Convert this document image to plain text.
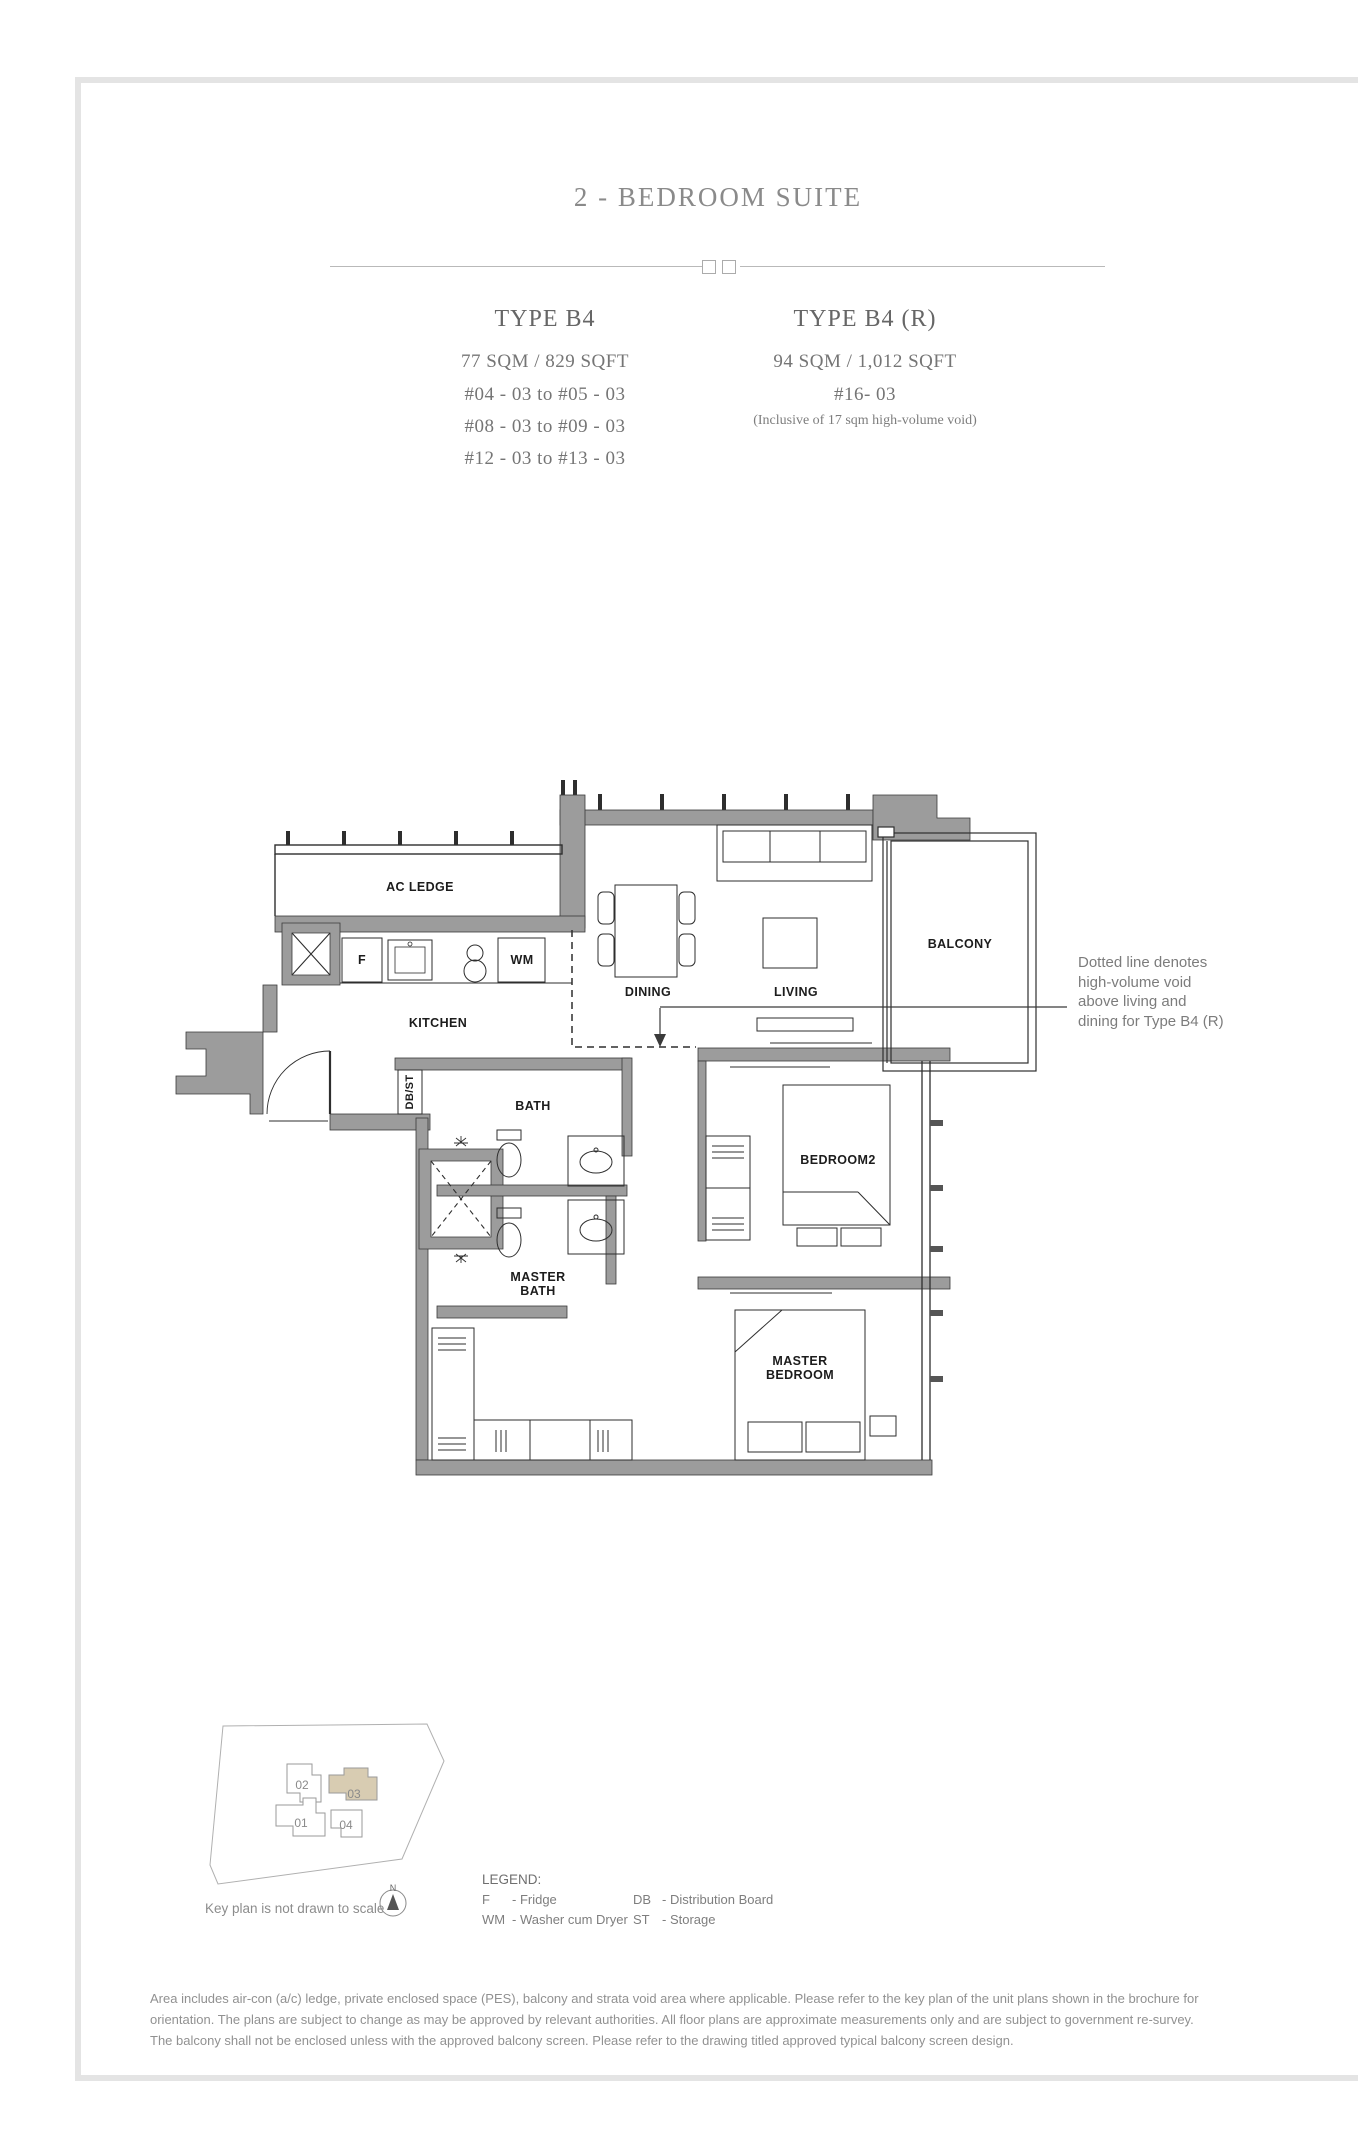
2 - BEDROOM SUITE
TYPE B4
77 SQM / 829 SQFT
#04 - 03 to #05 - 03
#08 - 03 to #09 - 03
#12 - 03 to #13 - 03
TYPE B4 (R)
94 SQM / 1,012 SQFT
#16- 03
(Inclusive of 17 sqm high-volume void)
AC LEDGE
F	WM
DINING	LIVING
BALCONY
KITCHEN
DB/ST	BATH
MASTER
BATH
BEDROOM2
MASTER
BEDROOM
Dotted line denotes
high-volume void
above living and
dining for Type B4 (R)
02
03
01	04
N
Key plan is not drawn to scale
LEGEND:
F - Fridge
WM - Washer cum Dryer
DB - Distribution Board
ST - Storage
Area includes air-con (a/c) ledge, private enclosed space (PES), balcony and strata void area where applicable. Please refer to the key plan of the unit plans shown in the brochure for
orientation. The plans are subject to change as may be approved by relevant authorities. All floor plans are approximate measurements only and are subject to government re-survey.
The balcony shall not be enclosed unless with the approved balcony screen. Please refer to the drawing titled approved typical balcony screen design.
